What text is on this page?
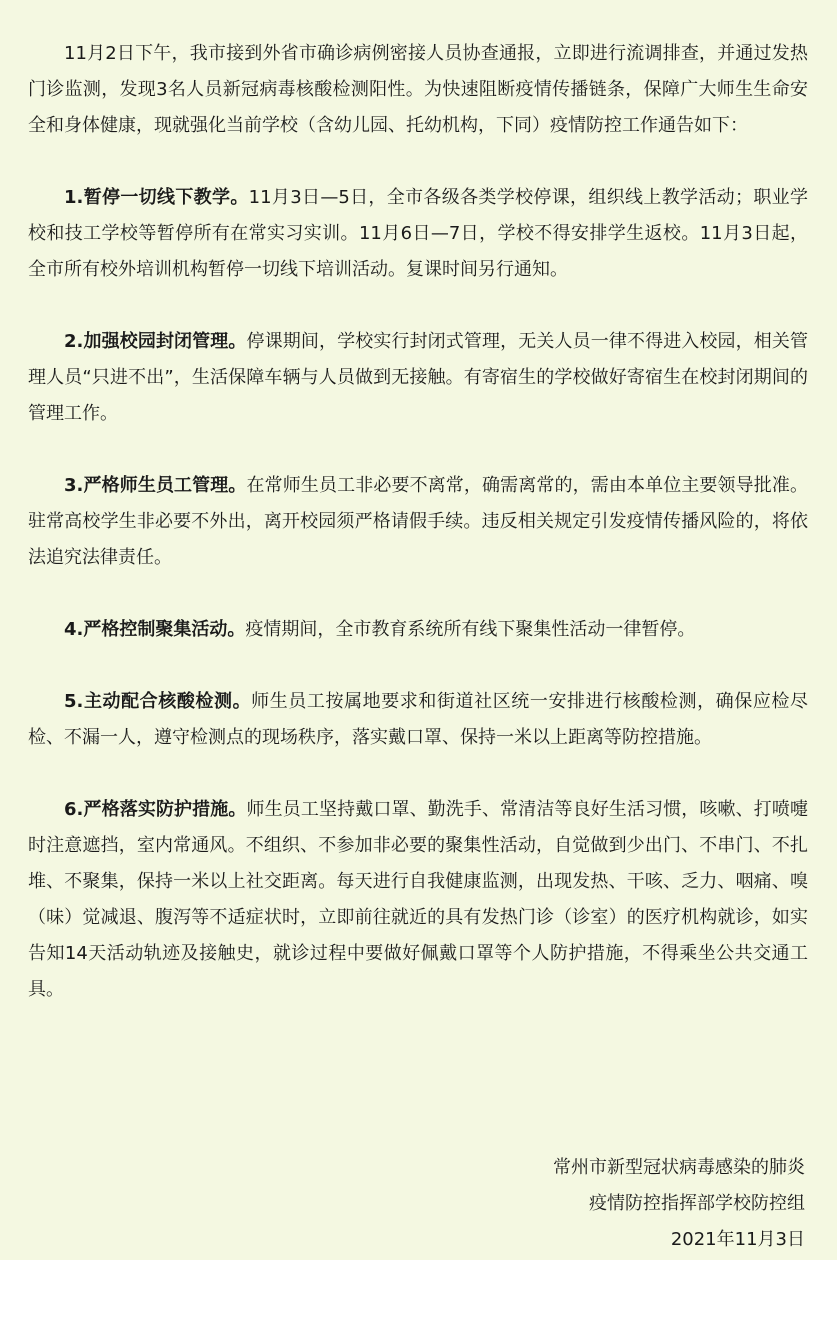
11月2日下午，我市接到外省市确诊病例密接人员协查通报，立即进行流调排查，并通过发热门诊监测，发现3名人员新冠病毒核酸检测阳性。为快速阻断疫情传播链条，保障广大师生生命安全和身体健康，现就强化当前学校（含幼儿园、托幼机构，下同）疫情防控工作通告如下：

1.暂停一切线下教学。11月3日—5日，全市各级各类学校停课，组织线上教学活动；职业学校和技工学校等暂停所有在常实习实训。11月6日—7日，学校不得安排学生返校。11月3日起，全市所有校外培训机构暂停一切线下培训活动。复课时间另行通知。

2.加强校园封闭管理。停课期间，学校实行封闭式管理，无关人员一律不得进入校园，相关管理人员“只进不出”，生活保障车辆与人员做到无接触。有寄宿生的学校做好寄宿生在校封闭期间的管理工作。

3.严格师生员工管理。在常师生员工非必要不离常，确需离常的，需由本单位主要领导批准。驻常高校学生非必要不外出，离开校园须严格请假手续。违反相关规定引发疫情传播风险的，将依法追究法律责任。

4.严格控制聚集活动。疫情期间，全市教育系统所有线下聚集性活动一律暂停。

5.主动配合核酸检测。师生员工按属地要求和街道社区统一安排进行核酸检测，确保应检尽检、不漏一人，遵守检测点的现场秩序，落实戴口罩、保持一米以上距离等防控措施。

6.严格落实防护措施。师生员工坚持戴口罩、勤洗手、常清洁等良好生活习惯，咳嗽、打喷嚏时注意遮挡，室内常通风。不组织、不参加非必要的聚集性活动，自觉做到少出门、不串门、不扎堆、不聚集，保持一米以上社交距离。每天进行自我健康监测，出现发热、干咳、乏力、咽痛、嗅（味）觉减退、腹泻等不适症状时，立即前往就近的具有发热门诊（诊室）的医疗机构就诊，如实告知14天活动轨迹及接触史，就诊过程中要做好佩戴口罩等个人防护措施，不得乘坐公共交通工具。

常州市新型冠状病毒感染的肺炎
疫情防控指挥部学校防控组
2021年11月3日
